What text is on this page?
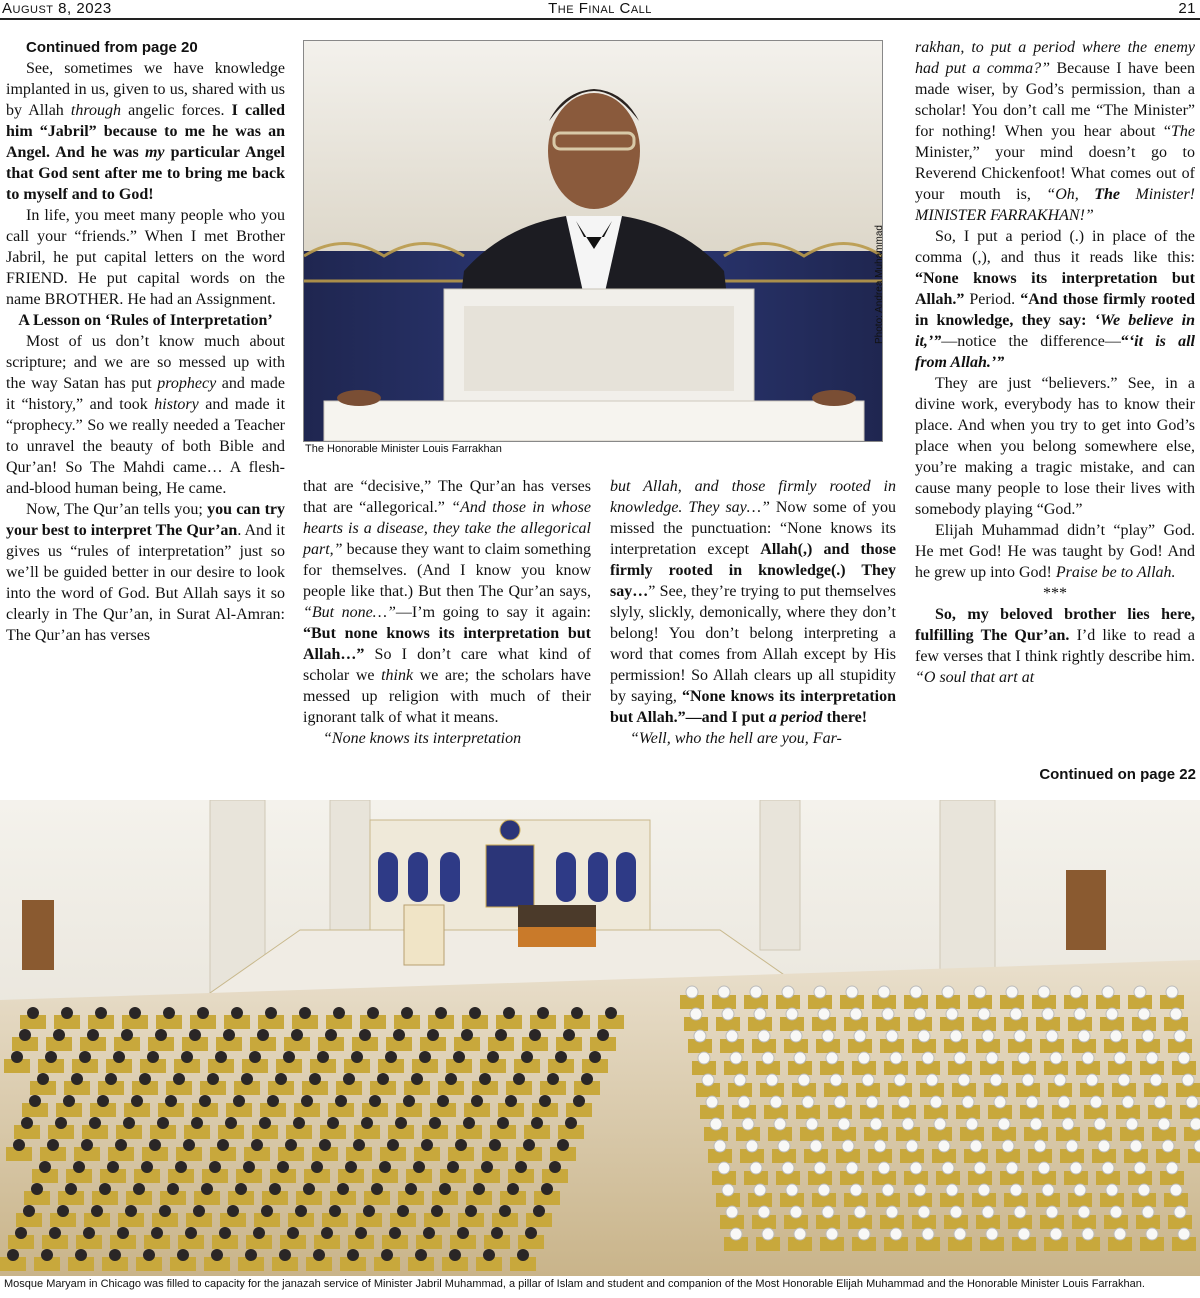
August 8, 2023	The Final Call	21

Continued from page 20

See, sometimes we have knowledge implanted in us, given to us, shared with us by Allah through angelic forces. I called him “Jabril” because to me he was an Angel. And he was my particular Angel that God sent after me to bring me back to myself and to God!

In life, you meet many people who you call your “friends.” When I met Brother Jabril, he put capital letters on the word FRIEND. He put capital words on the name BROTHER. He had an Assignment.

A Lesson on ‘Rules of Interpretation’

Most of us don’t know much about scripture; and we are so messed up with the way Satan has put prophecy and made it “history,” and took history and made it “prophecy.” So we really needed a Teacher to unravel the beauty of both Bible and Qur’an! So The Mahdi came… A flesh-and-blood human being, He came.

Now, The Qur’an tells you; you can try your best to interpret The Qur’an. And it gives us “rules of interpretation” just so we’ll be guided better in our desire to look into the word of God. But Allah says it so clearly in The Qur’an, in Surat Al-Amran: The Qur’an has verses

Photo: Andrea Muhammad
The Honorable Minister Louis Farrakhan

that are “decisive,” The Qur’an has verses that are “allegorical.” “And those in whose hearts is a disease, they take the allegorical part,” because they want to claim something for themselves. (And I know you know people like that.) But then The Qur’an says, “But none…”—I’m going to say it again: “But none knows its interpretation but Allah…” So I don’t care what kind of scholar we think we are; the scholars have messed up religion with much of their ignorant talk of what it means.

“None knows its interpretation

but Allah, and those firmly rooted in knowledge. They say…” Now some of you missed the punctuation: “None knows its interpretation except Allah(,) and those firmly rooted in knowledge(.) They say…” See, they’re trying to put themselves slyly, slickly, demonically, where they don’t belong! You don’t belong interpreting a word that comes from Allah except by His permission! So Allah clears up all stupidity by saying, “None knows its interpretation but Allah.”—and I put a period there!

“Well, who the hell are you, Far-

rakhan, to put a period where the enemy had put a comma?” Because I have been made wiser, by God’s permission, than a scholar! You don’t call me “The Minister” for nothing! When you hear about “The Minister,” your mind doesn’t go to Reverend Chickenfoot! What comes out of your mouth is, “Oh, The Minister! MINISTER FARRAKHAN!”

So, I put a period (.) in place of the comma (,), and thus it reads like this: “None knows its interpretation but Allah.” Period. “And those firmly rooted in knowledge, they say: ‘We believe in it,’”—notice the difference—“‘it is all from Allah.’”

They are just “believers.” See, in a divine work, everybody has to know their place. And when you try to get into God’s place when you belong somewhere else, you’re making a tragic mistake, and can cause many people to lose their lives with somebody playing “God.”

Elijah Muhammad didn’t “play” God. He met God! He was taught by God! And he grew up into God! Praise be to Allah.

***

So, my beloved brother lies here, fulfilling The Qur’an. I’d like to read a few verses that I think rightly describe him. “O soul that art at

Continued on page 22
Mosque Maryam in Chicago was filled to capacity for the janazah service of Minister Jabril Muhammad, a pillar of Islam and student and companion of the Most Honorable Elijah Muhammad and the Honorable Minister Louis Farrakhan.
